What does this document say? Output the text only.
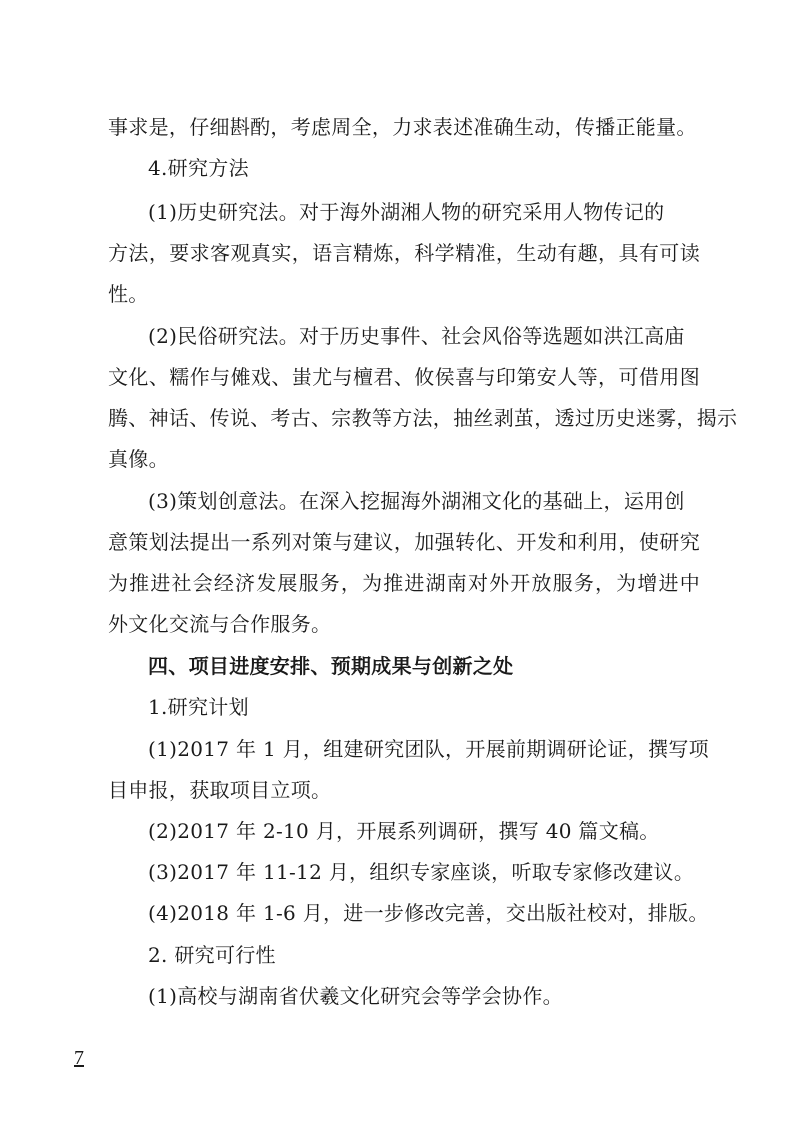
事求是，仔细斟酌，考虑周全，力求表述准确生动，传播正能量。
4.研究方法
(1)历史研究法。对于海外湖湘人物的研究采用人物传记的
方法，要求客观真实，语言精炼，科学精准，生动有趣，具有可读
性。
(2)民俗研究法。对于历史事件、社会风俗等选题如洪江高庙
文化、糯作与傩戏、蚩尤与檀君、攸侯喜与印第安人等，可借用图
腾、神话、传说、考古、宗教等方法，抽丝剥茧，透过历史迷雾，揭示
真像。
(3)策划创意法。在深入挖掘海外湖湘文化的基础上，运用创
意策划法提出一系列对策与建议，加强转化、开发和利用，使研究
为推进社会经济发展服务，为推进湖南对外开放服务，为增进中
外文化交流与合作服务。
四、项目进度安排、预期成果与创新之处
1.研究计划
(1)2017 年 1 月，组建研究团队，开展前期调研论证，撰写项
目申报，获取项目立项。
(2)2017 年 2-10 月，开展系列调研，撰写 40 篇文稿。
(3)2017 年 11-12 月，组织专家座谈，听取专家修改建议。
(4)2018 年 1-6 月，进一步修改完善，交出版社校对，排版。
2. 研究可行性
(1)高校与湖南省伏羲文化研究会等学会协作。
7
